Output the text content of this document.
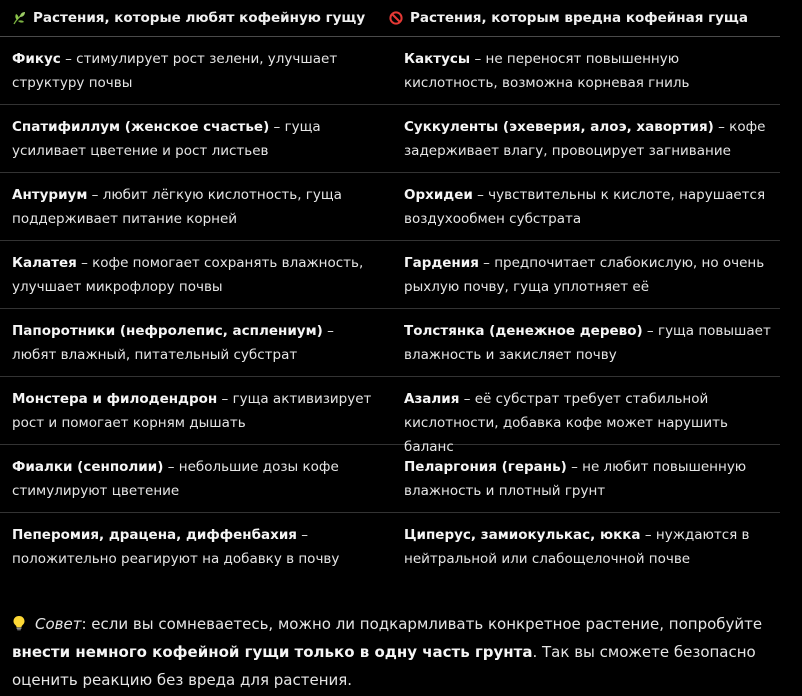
Растения, которые любят кофейную гущу	Растения, которым вредна кофейная гуща
Фикус – стимулирует рост зелени, улучшает структуру почвы
Кактусы – не переносят повышенную кислотность, возможна корневая гниль
Спатифиллум (женское счастье) – гуща усиливает цветение и рост листьев
Суккуленты (эхеверия, алоэ, хавортия) – кофе задерживает влагу, провоцирует загнивание
Антуриум – любит лёгкую кислотность, гуща поддерживает питание корней
Орхидеи – чувствительны к кислоте, нарушается воздухообмен субстрата
Калатея – кофе помогает сохранять влажность, улучшает микрофлору почвы
Гардения – предпочитает слабокислую, но очень рыхлую почву, гуща уплотняет её
Папоротники (нефролепис, асплениум) – любят влажный, питательный субстрат
Толстянка (денежное дерево) – гуща повышает влажность и закисляет почву
Монстера и филодендрон – гуща активизирует рост и помогает корням дышать
Азалия – её субстрат требует стабильной кислотности, добавка кофе может нарушить баланс
Фиалки (сенполии) – небольшие дозы кофе стимулируют цветение
Пеларгония (герань) – не любит повышенную влажность и плотный грунт
Пеперомия, драцена, диффенбахия – положительно реагируют на добавку в почву
Циперус, замиокулькас, юкка – нуждаются в нейтральной или слабощелочной почве
Совет: если вы сомневаетесь, можно ли подкармливать конкретное растение, попробуйте внести немного кофейной гущи только в одну часть грунта. Так вы сможете безопасно оценить реакцию без вреда для растения.
